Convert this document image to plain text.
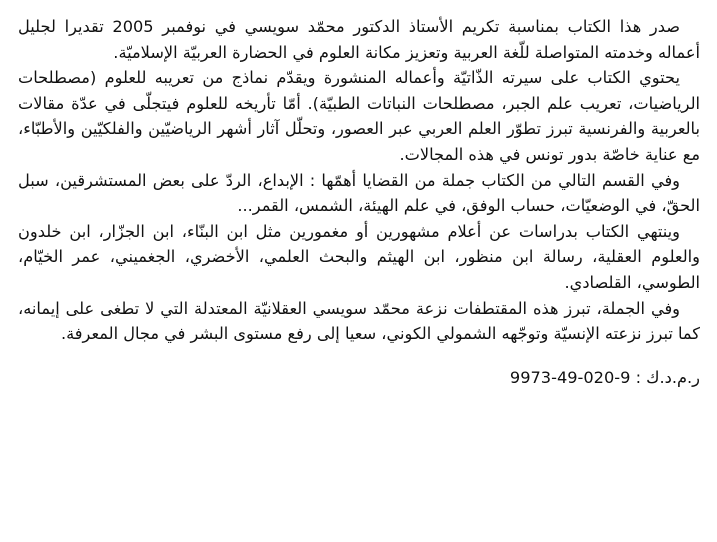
صدر هذا الكتاب بمناسبة تكريم الأستاذ الدكتور محمّد سويسي في نوفمبر 2005 تقديرا لجليل أعماله وخدمته المتواصلة للّغة العربية وتعزيز مكانة العلوم في الحضارة العربيّة الإسلاميّة.

يحتوي الكتاب على سيرته الذّاتيّة وأعماله المنشورة ويقدّم نماذج من تعريبه للعلوم (مصطلحات الرياضيات، تعريب علم الجبر، مصطلحات النباتات الطبيّة). أمّا تأريخه للعلوم فيتجلّى في عدّة مقالات بالعربية والفرنسية تبرز تطوّر العلم العربي عبر العصور، وتحلّل آثار أشهر الرياضيّين والفلكيّين والأطبّاء، مع عناية خاصّة بدور تونس في هذه المجالات.

وفي القسم التالي من الكتاب جملة من القضايا أهمّها : الإبداع، الردّ على بعض المستشرقين، سبل الحقّ، في الوضعيّات، حساب الوفق، في علم الهيئة، الشمس، القمر...

وينتهي الكتاب بدراسات عن أعلام مشهورين أو مغمورين مثل ابن البنّاء، ابن الجزّار، ابن خلدون والعلوم العقلية، رسالة ابن منظور، ابن الهيثم والبحث العلمي، الأخضري، الجغميني، عمر الخيّام، الطوسي، القلصادي.

وفي الجملة، تبرز هذه المقتطفات نزعة محمّد سويسي العقلانيّة المعتدلة التي لا تطغى على إيمانه، كما تبرز نزعته الإنسيّة وتوجّهه الشمولي الكوني، سعيا إلى رفع مستوى البشر في مجال المعرفة.

ر.م.د.ك : 9973-49-020-9
